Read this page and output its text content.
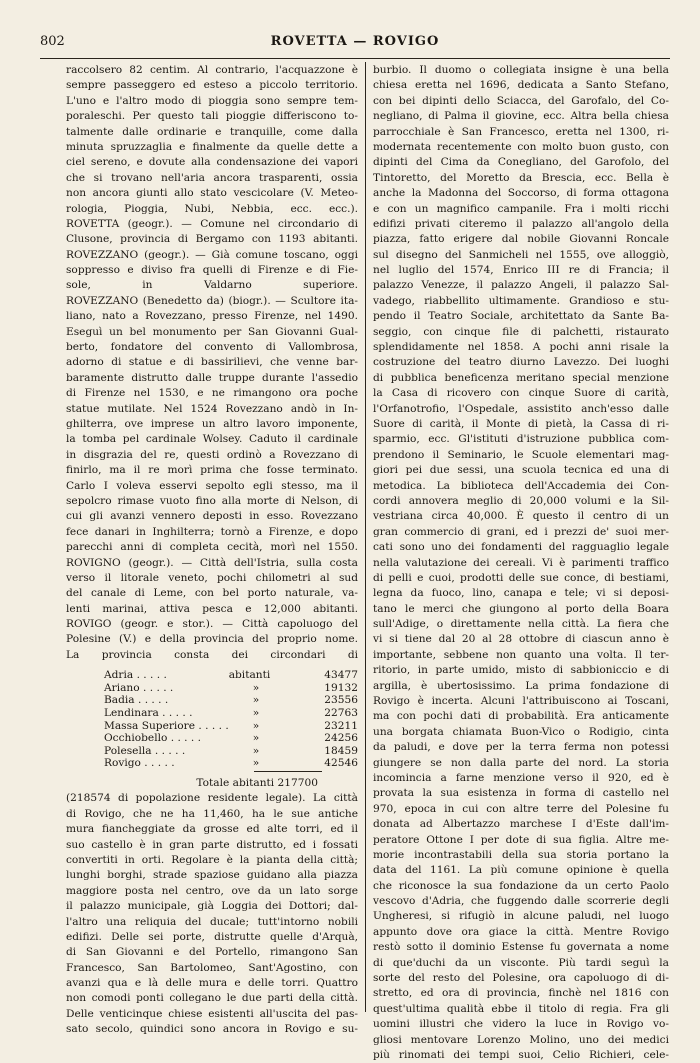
802	ROVETTA — ROVIGO
raccolsero 82 centim. Al contrario, l'acquazzone è
sempre passeggero ed esteso a piccolo territorio.
L'uno e l'altro modo di pioggia sono sempre tem-
poraleschi. Per questo tali pioggie differiscono to-
talmente dalle ordinarie e tranquille, come dalla
minuta spruzzaglia e finalmente da quelle dette a
ciel sereno, e dovute alla condensazione dei vapori
che si trovano nell'aria ancora trasparenti, ossia
non ancora giunti allo stato vescicolare (V. Meteo-
rologia, Pioggia, Nubi, Nebbia, ecc. ecc.).
ROVETTA (geogr.). — Comune nel circondario di
Clusone, provincia di Bergamo con 1193 abitanti.
ROVEZZANO (geogr.). — Già comune toscano, oggi
soppresso e diviso fra quelli di Firenze e di Fie-
sole, in Valdarno superiore.
ROVEZZANO (Benedetto da) (biogr.). — Scultore ita-
liano, nato a Rovezzano, presso Firenze, nel 1490.
Eseguì un bel monumento per San Giovanni Gual-
berto, fondatore del convento di Vallombrosa,
adorno di statue e di bassirilievi, che venne bar-
baramente distrutto dalle truppe durante l'assedio
di Firenze nel 1530, e ne rimangono ora poche
statue mutilate. Nel 1524 Rovezzano andò in In-
ghilterra, ove imprese un altro lavoro imponente,
la tomba pel cardinale Wolsey. Caduto il cardinale
in disgrazia del re, questi ordinò a Rovezzano di
finirlo, ma il re morì prima che fosse terminato.
Carlo I voleva esservi sepolto egli stesso, ma il
sepolcro rimase vuoto fino alla morte di Nelson, di
cui gli avanzi vennero deposti in esso. Rovezzano
fece danari in Inghilterra; tornò a Firenze, e dopo
parecchi anni di completa cecità, morì nel 1550.
ROVIGNO (geogr.). — Città dell'Istria, sulla costa
verso il litorale veneto, pochi chilometri al sud
del canale di Leme, con bel porto naturale, va-
lenti marinai, attiva pesca e 12,000 abitanti.
ROVIGO (geogr. e stor.). — Città capoluogo del
Polesine (V.) e della provincia del proprio nome.
La provincia consta dei circondari di
Adria . . . . .	abitanti	43477
Ariano . . . . .	»	19132
Badia . . . . .	»	23556
Lendinara . . . . .	»	22763
Massa Superiore . . . . .	»	23211
Occhiobello . . . . .	»	24256
Polesella . . . . .	»	18459
Rovigo . . . . .	»	42546
Totale abitanti 217700
(218574 di popolazione residente legale). La città
di Rovigo, che ne ha 11,460, ha le sue antiche
mura fiancheggiate da grosse ed alte torri, ed il
suo castello è in gran parte distrutto, ed i fossati
convertiti in orti. Regolare è la pianta della città;
lunghi borghi, strade spaziose guidano alla piazza
maggiore posta nel centro, ove da un lato sorge
il palazzo municipale, già Loggia dei Dottori; dal-
l'altro una reliquia del ducale; tutt'intorno nobili
edifizi. Delle sei porte, distrutte quelle d'Arquà,
di San Giovanni e del Portello, rimangono San
Francesco, San Bartolomeo, Sant'Agostino, con
avanzi qua e là delle mura e delle torri. Quattro
non comodi ponti collegano le due parti della città.
Delle venticinque chiese esistenti all'uscita del pas-
sato secolo, quindici sono ancora in Rovigo e su-
burbio. Il duomo o collegiata insigne è una bella
chiesa eretta nel 1696, dedicata a Santo Stefano,
con bei dipinti dello Sciacca, del Garofalo, del Co-
negliano, di Palma il giovine, ecc. Altra bella chiesa
parrocchiale è San Francesco, eretta nel 1300, ri-
modernata recentemente con molto buon gusto, con
dipinti del Cima da Conegliano, del Garofolo, del
Tintoretto, del Moretto da Brescia, ecc. Bella è
anche la Madonna del Soccorso, di forma ottagona
e con un magnifico campanile. Fra i molti ricchi
edifizi privati citeremo il palazzo all'angolo della
piazza, fatto erigere dal nobile Giovanni Roncale
sul disegno del Sanmicheli nel 1555, ove alloggiò,
nel luglio del 1574, Enrico III re di Francia; il
palazzo Venezze, il palazzo Angeli, il palazzo Sal-
vadego, riabbellito ultimamente. Grandioso e stu-
pendo il Teatro Sociale, architettato da Sante Ba-
seggio, con cinque file di palchetti, ristaurato
splendidamente nel 1858. A pochi anni risale la
costruzione del teatro diurno Lavezzo. Dei luoghi
di pubblica beneficenza meritano special menzione
la Casa di ricovero con cinque Suore di carità,
l'Orfanotrofio, l'Ospedale, assistito anch'esso dalle
Suore di carità, il Monte di pietà, la Cassa di ri-
sparmio, ecc. Gl'istituti d'istruzione pubblica com-
prendono il Seminario, le Scuole elementari mag-
giori pei due sessi, una scuola tecnica ed una di
metodica. La biblioteca dell'Accademia dei Con-
cordi annovera meglio di 20,000 volumi e la Sil-
vestriana circa 40,000. È questo il centro di un
gran commercio di grani, ed i prezzi de' suoi mer-
cati sono uno dei fondamenti del ragguaglio legale
nella valutazione dei cereali. Vi è parimenti traffico
di pelli e cuoi, prodotti delle sue conce, di bestiami,
legna da fuoco, lino, canapa e tele; vi si deposi-
tano le merci che giungono al porto della Boara
sull'Adige, o direttamente nella città. La fiera che
vi si tiene dal 20 al 28 ottobre di ciascun anno è
importante, sebbene non quanto una volta. Il ter-
ritorio, in parte umido, misto di sabbioniccio e di
argilla, è ubertosissimo. La prima fondazione di
Rovigo è incerta. Alcuni l'attribuiscono ai Toscani,
ma con pochi dati di probabilità. Era anticamente
una borgata chiamata Buon-Vico o Rodigio, cinta
da paludi, e dove per la terra ferma non potessi
giungere se non dalla parte del nord. La storia
incomincia a farne menzione verso il 920, ed è
provata la sua esistenza in forma di castello nel
970, epoca in cui con altre terre del Polesine fu
donata ad Albertazzo marchese I d'Este dall'im-
peratore Ottone I per dote di sua figlia. Altre me-
morie incontrastabili della sua storia portano la
data del 1161. La più comune opinione è quella
che riconosce la sua fondazione da un certo Paolo
vescovo d'Adria, che fuggendo dalle scorrerie degli
Ungheresi, si rifugiò in alcune paludi, nel luogo
appunto dove ora giace la città. Mentre Rovigo
restò sotto il dominio Estense fu governata a nome
di que'duchi da un visconte. Più tardi seguì la
sorte del resto del Polesine, ora capoluogo di di-
stretto, ed ora di provincia, finchè nel 1816 con
quest'ultima qualità ebbe il titolo di regia. Fra gli
uomini illustri che videro la luce in Rovigo vo-
gliosi mentovare Lorenzo Molino, uno dei medici
più rinomati dei tempi suoi, Celio Richieri, cele-
